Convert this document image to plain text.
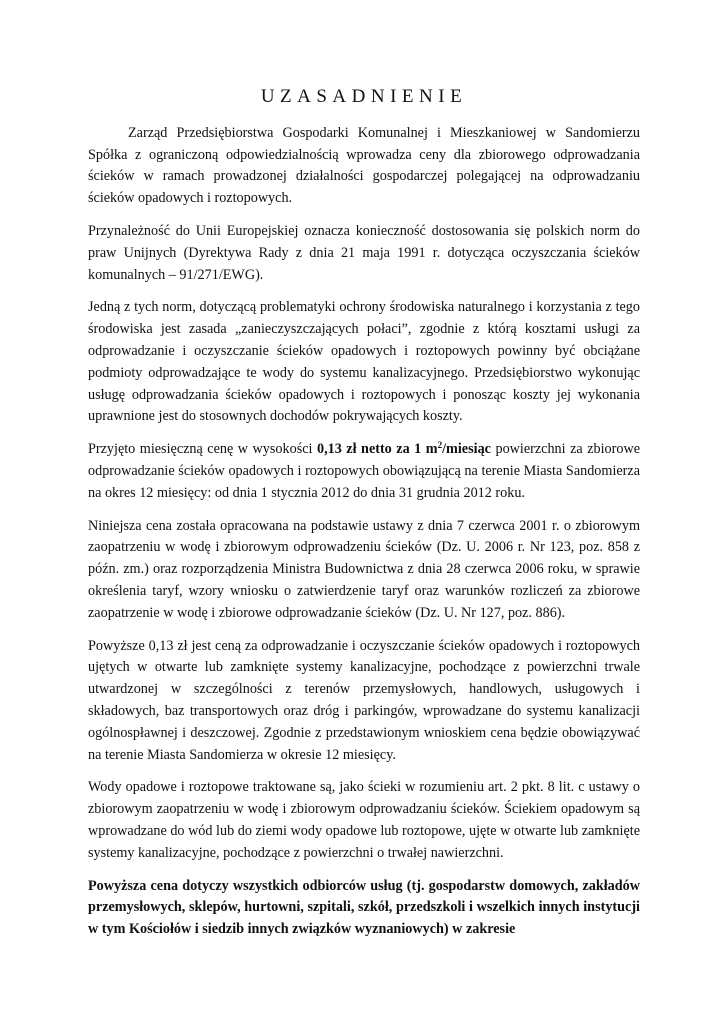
UZASADNIENIE

Zarząd Przedsiębiorstwa Gospodarki Komunalnej i Mieszkaniowej w Sandomierzu Spółka z ograniczoną odpowiedzialnością wprowadza ceny dla zbiorowego odprowadzania ścieków w ramach prowadzonej działalności gospodarczej polegającej na odprowadzaniu ścieków opadowych i roztopowych.

Przynależność do Unii Europejskiej oznacza konieczność dostosowania się polskich norm do praw Unijnych (Dyrektywa Rady z dnia 21 maja 1991 r. dotycząca oczyszczania ścieków komunalnych – 91/271/EWG).

Jedną z tych norm, dotyczącą problematyki ochrony środowiska naturalnego i korzystania z tego środowiska jest zasada „zanieczyszczających połaci”, zgodnie z którą kosztami usługi za odprowadzanie i oczyszczanie ścieków opadowych i roztopowych powinny być obciążane podmioty odprowadzające te wody do systemu kanalizacyjnego. Przedsiębiorstwo wykonując usługę odprowadzania ścieków opadowych i roztopowych i ponosząc koszty jej wykonania uprawnione jest do stosownych dochodów pokrywających koszty.

Przyjęto miesięczną cenę w wysokości 0,13 zł netto za 1 $m^2$/miesiąc powierzchni za zbiorowe odprowadzanie ścieków opadowych i roztopowych obowiązującą na terenie Miasta Sandomierza na okres 12 miesięcy: od dnia 1 stycznia 2012 do dnia 31 grudnia 2012 roku.

Niniejsza cena została opracowana na podstawie ustawy z dnia 7 czerwca 2001 r. o zbiorowym zaopatrzeniu w wodę i zbiorowym odprowadzeniu ścieków (Dz. U. 2006 r. Nr 123, poz. 858 z późn. zm.) oraz rozporządzenia Ministra Budownictwa z dnia 28 czerwca 2006 roku, w sprawie określenia taryf, wzory wniosku o zatwierdzenie taryf oraz warunków rozliczeń za zbiorowe zaopatrzenie w wodę i zbiorowe odprowadzanie ścieków (Dz. U. Nr 127, poz. 886).

Powyższe 0,13 zł jest ceną za odprowadzanie i oczyszczanie ścieków opadowych i roztopowych ujętych w otwarte lub zamknięte systemy kanalizacyjne, pochodzące z powierzchni trwale utwardzonej w szczególności z terenów przemysłowych, handlowych, usługowych i składowych, baz transportowych oraz dróg i parkingów, wprowadzane do systemu kanalizacji ogólnospławnej i deszczowej. Zgodnie z przedstawionym wnioskiem cena będzie obowiązywać na terenie Miasta Sandomierza w okresie 12 miesięcy.

Wody opadowe i roztopowe traktowane są, jako ścieki w rozumieniu art. 2 pkt. 8 lit. c ustawy o zbiorowym zaopatrzeniu w wodę i zbiorowym odprowadzaniu ścieków. Ściekiem opadowym są wprowadzane do wód lub do ziemi wody opadowe lub roztopowe, ujęte w otwarte lub zamknięte systemy kanalizacyjne, pochodzące z powierzchni o trwałej nawierzchni.

Powyższa cena dotyczy wszystkich odbiorców usług (tj. gospodarstw domowych, zakładów przemysłowych, sklepów, hurtowni, szpitali, szkół, przedszkoli i wszelkich innych instytucji w tym Kościołów i siedzib innych związków wyznaniowych) w zakresie
